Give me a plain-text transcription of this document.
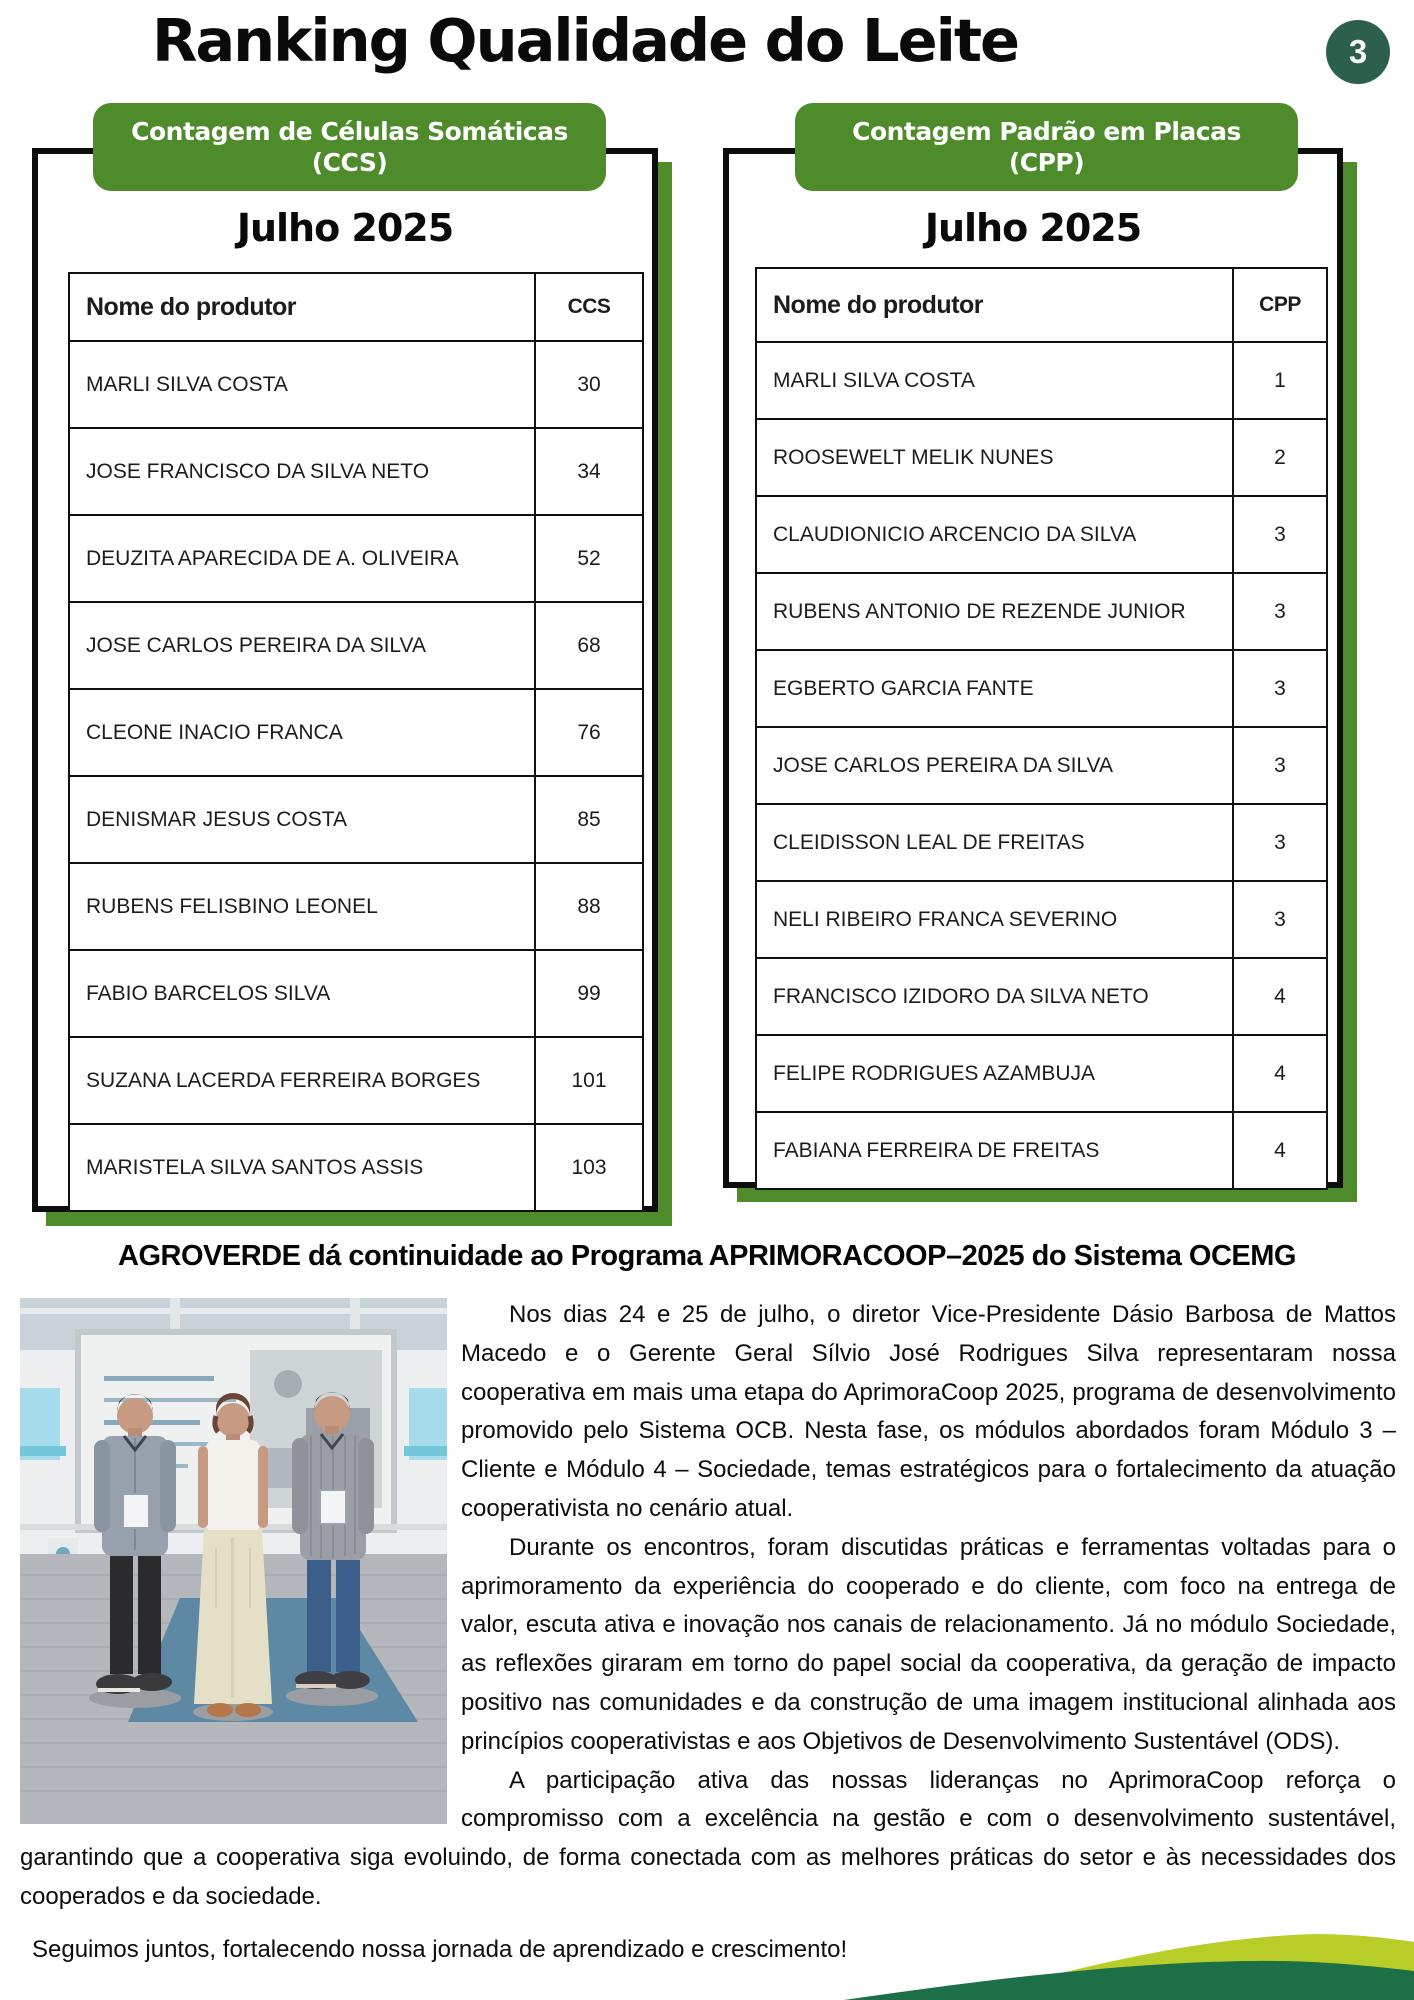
Ranking Qualidade do Leite	3
Contagem de Células Somáticas
(CCS)
Contagem Padrão em Placas
(CPP)
Julho 2025
Nome do produtor	CCS
MARLI SILVA COSTA	30
JOSE FRANCISCO DA SILVA NETO	34
DEUZITA APARECIDA DE A. OLIVEIRA	52
JOSE CARLOS PEREIRA DA SILVA	68
CLEONE INACIO FRANCA	76
DENISMAR JESUS COSTA	85
RUBENS FELISBINO LEONEL	88
FABIO BARCELOS SILVA	99
SUZANA LACERDA FERREIRA BORGES	101
MARISTELA SILVA SANTOS ASSIS	103
Julho 2025
Nome do produtor	CPP
MARLI SILVA COSTA	1
ROOSEWELT MELIK NUNES	2
CLAUDIONICIO ARCENCIO DA SILVA	3
RUBENS ANTONIO DE REZENDE JUNIOR	3
EGBERTO GARCIA FANTE	3
JOSE CARLOS PEREIRA DA SILVA	3
CLEIDISSON LEAL DE FREITAS	3
NELI RIBEIRO FRANCA SEVERINO	3
FRANCISCO IZIDORO DA SILVA NETO	4
FELIPE RODRIGUES AZAMBUJA	4
FABIANA FERREIRA DE FREITAS	4
AGROVERDE dá continuidade ao Programa APRIMORACOOP–2025 do Sistema OCEMG

Nos dias 24 e 25 de julho, o diretor Vice-Presidente Dásio Barbosa de Mattos Macedo e o Gerente Geral Sílvio José Rodrigues Silva representaram nossa cooperativa em mais uma etapa do AprimoraCoop 2025, programa de desenvolvimento promovido pelo Sistema OCB. Nesta fase, os módulos abordados foram Módulo 3 – Cliente e Módulo 4 – Sociedade, temas estratégicos para o fortalecimento da atuação cooperativista no cenário atual.

Durante os encontros, foram discutidas práticas e ferramentas voltadas para o aprimoramento da experiência do cooperado e do cliente, com foco na entrega de valor, escuta ativa e inovação nos canais de relacionamento. Já no módulo Sociedade, as reflexões giraram em torno do papel social da cooperativa, da geração de impacto positivo nas comunidades e da construção de uma imagem institucional alinhada aos princípios cooperativistas e aos Objetivos de Desenvolvimento Sustentável (ODS).

A participação ativa das nossas lideranças no AprimoraCoop reforça o compromisso com a excelência na gestão e com o desenvolvimento sustentável, garantindo que a cooperativa siga evoluindo, de forma conectada com as melhores práticas do setor e às necessidades dos cooperados e da sociedade.

Seguimos juntos, fortalecendo nossa jornada de aprendizado e crescimento!
